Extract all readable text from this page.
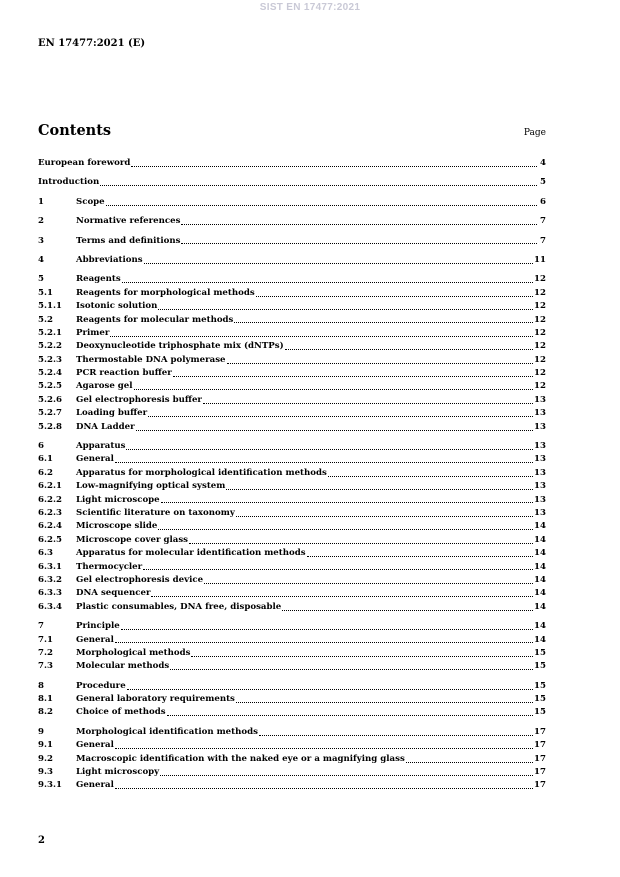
SIST EN 17477:2021
EN 17477:2021 (E)
Contents	Page
European foreword	4
Introduction	5
1	Scope	6
2	Normative references	7
3	Terms and definitions	7
4	Abbreviations	11
5	Reagents	12
5.1	Reagents for morphological methods	12
5.1.1	Isotonic solution	12
5.2	Reagents for molecular methods	12
5.2.1	Primer	12
5.2.2	Deoxynucleotide triphosphate mix (dNTPs)	12
5.2.3	Thermostable DNA polymerase	12
5.2.4	PCR reaction buffer	12
5.2.5	Agarose gel	12
5.2.6	Gel electrophoresis buffer	13
5.2.7	Loading buffer	13
5.2.8	DNA Ladder	13
6	Apparatus	13
6.1	General	13
6.2	Apparatus for morphological identification methods	13
6.2.1	Low-magnifying optical system	13
6.2.2	Light microscope	13
6.2.3	Scientific literature on taxonomy	13
6.2.4	Microscope slide	14
6.2.5	Microscope cover glass	14
6.3	Apparatus for molecular identification methods	14
6.3.1	Thermocycler	14
6.3.2	Gel electrophoresis device	14
6.3.3	DNA sequencer	14
6.3.4	Plastic consumables, DNA free, disposable	14
7	Principle	14
7.1	General	14
7.2	Morphological methods	15
7.3	Molecular methods	15
8	Procedure	15
8.1	General laboratory requirements	15
8.2	Choice of methods	15
9	Morphological identification methods	17
9.1	General	17
9.2	Macroscopic identification with the naked eye or a magnifying glass	17
9.3	Light microscopy	17
9.3.1	General	17
2
